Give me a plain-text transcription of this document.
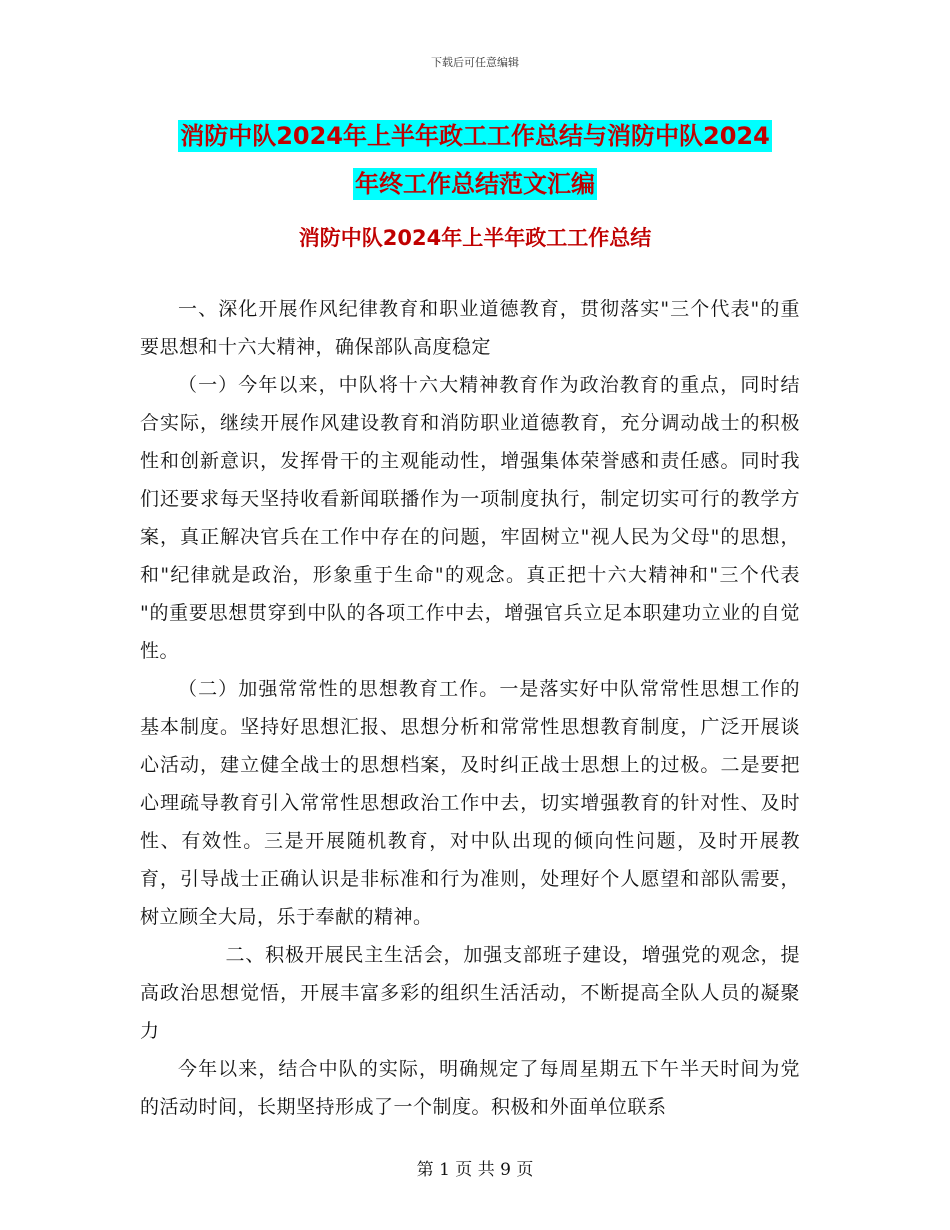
下载后可任意编辑
消防中队2024年上半年政工工作总结与消防中队2024
年终工作总结范文汇编
消防中队2024年上半年政工工作总结

一、深化开展作风纪律教育和职业道德教育，贯彻落实"三个代表"的重要思想和十六大精神，确保部队高度稳定

（一）今年以来，中队将十六大精神教育作为政治教育的重点，同时结合实际，继续开展作风建设教育和消防职业道德教育，充分调动战士的积极性和创新意识，发挥骨干的主观能动性，增强集体荣誉感和责任感。同时我们还要求每天坚持收看新闻联播作为一项制度执行，制定切实可行的教学方案，真正解决官兵在工作中存在的问题，牢固树立"视人民为父母"的思想，和"纪律就是政治，形象重于生命"的观念。真正把十六大精神和"三个代表 "的重要思想贯穿到中队的各项工作中去，增强官兵立足本职建功立业的自觉性。

（二）加强常常性的思想教育工作。一是落实好中队常常性思想工作的基本制度。坚持好思想汇报、思想分析和常常性思想教育制度，广泛开展谈心活动，建立健全战士的思想档案，及时纠正战士思想上的过极。二是要把心理疏导教育引入常常性思想政治工作中去，切实增强教育的针对性、及时性、有效性。三是开展随机教育，对中队出现的倾向性问题，及时开展教育，引导战士正确认识是非标准和行为准则，处理好个人愿望和部队需要，树立顾全大局，乐于奉献的精神。

二、积极开展民主生活会，加强支部班子建设，增强党的观念，提高政治思想觉悟，开展丰富多彩的组织生活活动，不断提高全队人员的凝聚力

今年以来，结合中队的实际，明确规定了每周星期五下午半天时间为党的活动时间，长期坚持形成了一个制度。积极和外面单位联系

第 1 页 共 9 页
